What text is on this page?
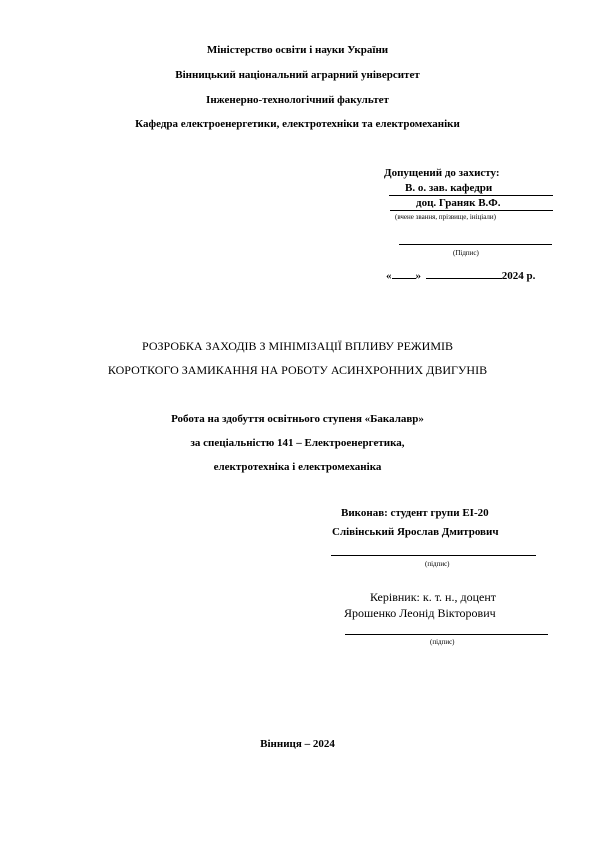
Міністерство освіти і науки України
Вінницький національний аграрний університет
Інженерно-технологічний факультет
Кафедра електроенергетики, електротехніки та електромеханіки
Допущений до захисту:
В. о. зав. кафедри
доц. Граняк В.Ф.
(вчене звання, прізвище, ініціали)
(Підпис)
« »	2024 р.
РОЗРОБКА ЗАХОДІВ З МІНІМІЗАЦІЇ ВПЛИВУ РЕЖИМІВ
КОРОТКОГО ЗАМИКАННЯ НА РОБОТУ АСИНХРОННИХ ДВИГУНІВ
Робота на здобуття освітнього ступеня «Бакалавр»
за спеціальністю 141 – Електроенергетика,
електротехніка і електромеханіка
Виконав: студент групи ЕІ-20
Слівінський Ярослав Дмитрович
(підпис)
Керівник: к. т. н., доцент
Ярошенко Леонід Вікторович
(підпис)
Вінниця – 2024
